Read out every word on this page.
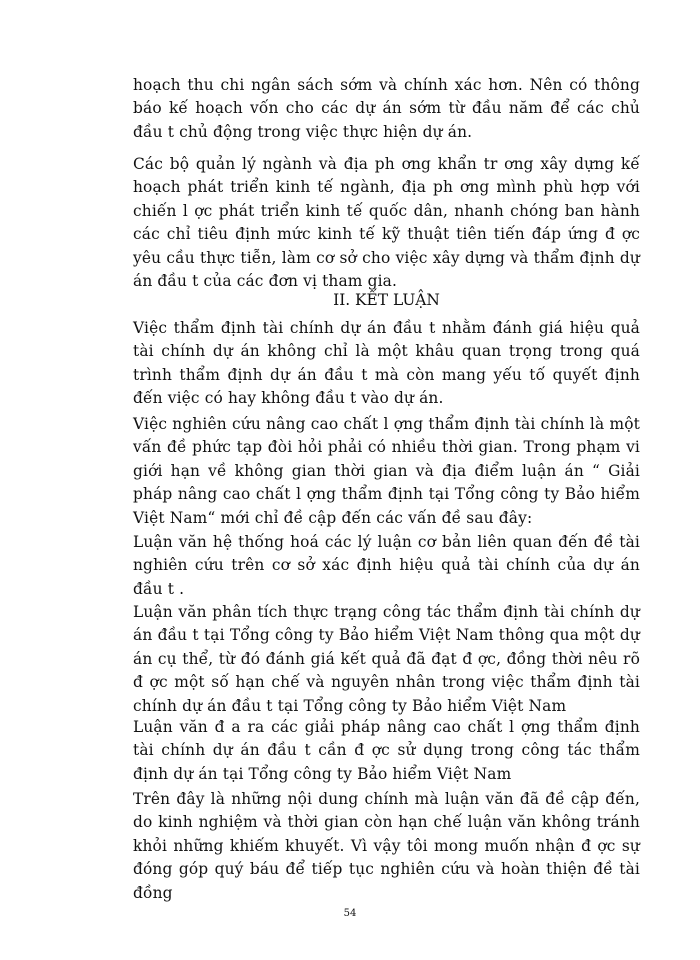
hoạch thu chi ngân sách sớm và chính xác hơn. Nên có thông báo kế hoạch vốn cho các dự án sớm từ đầu năm để các chủ đầu t chủ động trong việc thực hiện dự án.

Các bộ quản lý ngành và địa ph ơng khẩn tr ơng xây dựng kế hoạch phát triển kinh tế ngành, địa ph ơng mình phù hợp với chiến l ợc phát triển kinh tế quốc dân, nhanh chóng ban hành các chỉ tiêu định mức kinh tế kỹ thuật tiên tiến đáp ứng đ ợc yêu cầu thực tiễn, làm cơ sở cho việc xây dựng và thẩm định dự án đầu t của các đơn vị tham gia.

II. KẾT LUẬN

Việc thẩm định tài chính dự án đầu t nhằm đánh giá hiệu quả tài chính dự án không chỉ là một khâu quan trọng trong quá trình thẩm định dự án đầu t mà còn mang yếu tố quyết định đến việc có hay không đầu t vào dự án.

Việc nghiên cứu nâng cao chất l ợng thẩm định tài chính là một vấn đề phức tạp đòi hỏi phải có nhiều thời gian. Trong phạm vi giới hạn về không gian thời gian và địa điểm luận án “ Giải pháp nâng cao chất l ợng thẩm định tại Tổng công ty Bảo hiểm Việt Nam“ mới chỉ đề cập đến các vấn đề sau đây:

Luận văn hệ thống hoá các lý luận cơ bản liên quan đến đề tài nghiên cứu trên cơ sở xác định hiệu quả tài chính của dự án đầu t .

Luận văn phân tích thực trạng công tác thẩm định tài chính dự án đầu t tại Tổng công ty Bảo hiểm Việt Nam thông qua một dự án cụ thể, từ đó đánh giá kết quả đã đạt đ ợc, đồng thời nêu rõ đ ợc một số hạn chế và nguyên nhân trong việc thẩm định tài chính dự án đầu t tại Tổng công ty Bảo hiểm Việt Nam

Luận văn đ a ra các giải pháp nâng cao chất l ợng thẩm định tài chính dự án đầu t cần đ ợc sử dụng trong công tác thẩm định dự án tại Tổng công ty Bảo hiểm Việt Nam

Trên đây là những nội dung chính mà luận văn đã đề cập đến, do kinh nghiệm và thời gian còn hạn chế luận văn không tránh khỏi những khiếm khuyết. Vì vậy tôi mong muốn nhận đ ợc sự đóng góp quý báu để tiếp tục nghiên cứu và hoàn thiện đề tài đồng

54
